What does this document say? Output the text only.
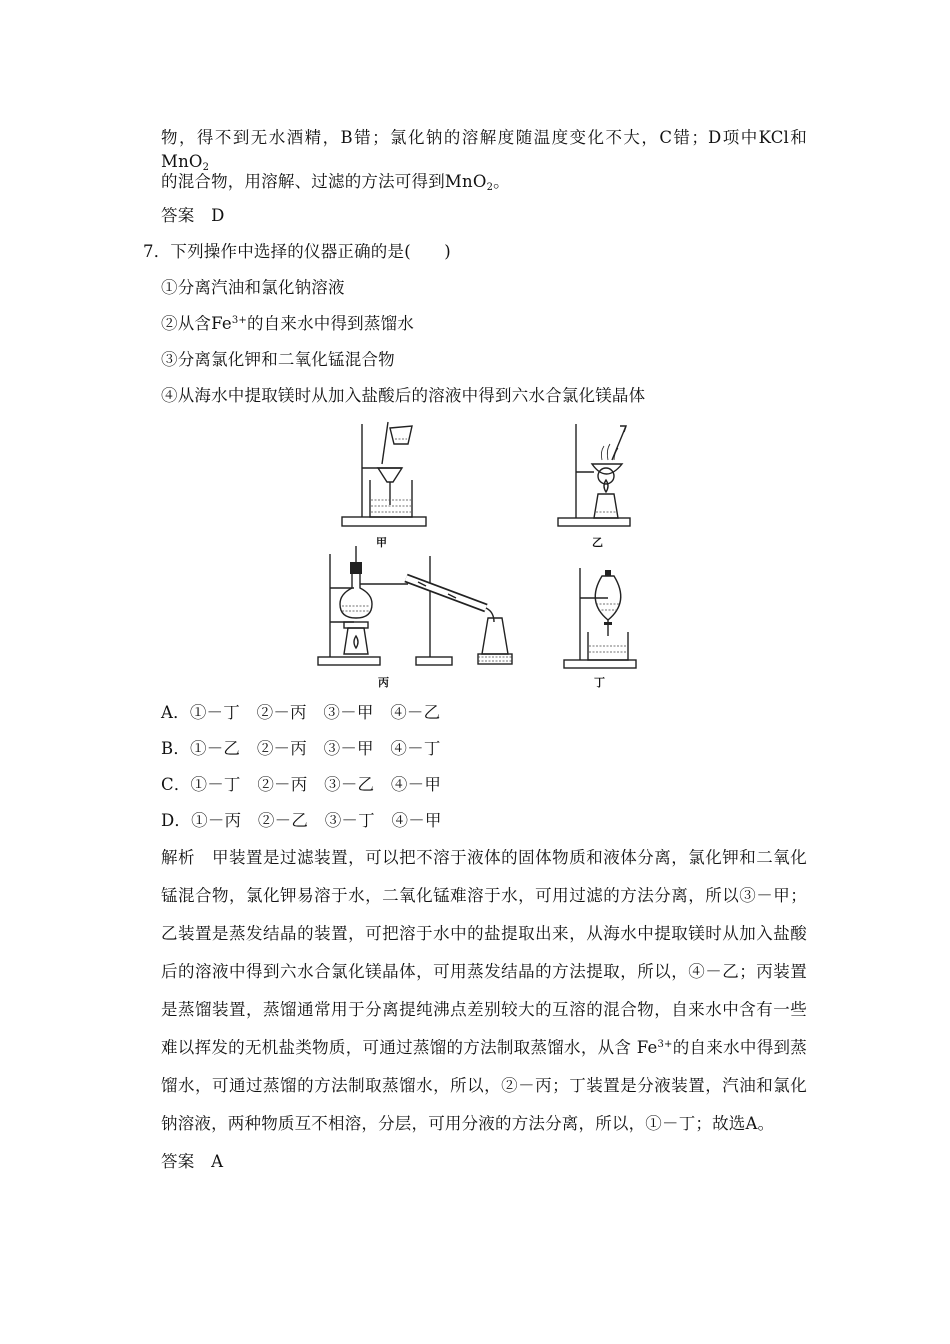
物，得不到无水酒精，B错；氯化钠的溶解度随温度变化不大，C错；D项中KCl和MnO$_2$
的混合物，用溶解、过滤的方法可得到MnO$_2$。
答案　D
7．下列操作中选择的仪器正确的是(　　)
①分离汽油和氯化钠溶液
②从含$Fe^{3+}$的自来水中得到蒸馏水
③分离氯化钾和二氧化锰混合物
④从海水中提取镁时从加入盐酸后的溶液中得到六水合氯化镁晶体
甲	乙
丙	丁
A．①－丁　②－丙　③－甲　④－乙
B．①－乙　②－丙　③－甲　④－丁
C．①－丁　②－丙　③－乙　④－甲
D．①－丙　②－乙　③－丁　④－甲
解析　甲装置是过滤装置，可以把不溶于液体的固体物质和液体分离，氯化钾和二氧化
锰混合物，氯化钾易溶于水，二氧化锰难溶于水，可用过滤的方法分离，所以③－甲；
乙装置是蒸发结晶的装置，可把溶于水中的盐提取出来，从海水中提取镁时从加入盐酸
后的溶液中得到六水合氯化镁晶体，可用蒸发结晶的方法提取，所以，④－乙；丙装置
是蒸馏装置，蒸馏通常用于分离提纯沸点差别较大的互溶的混合物，自来水中含有一些
难以挥发的无机盐类物质，可通过蒸馏的方法制取蒸馏水，从含 $Fe^{3+}$的自来水中得到蒸
馏水，可通过蒸馏的方法制取蒸馏水，所以，②－丙；丁装置是分液装置，汽油和氯化
钠溶液，两种物质互不相溶，分层，可用分液的方法分离，所以，①－丁；故选A。
答案　A
